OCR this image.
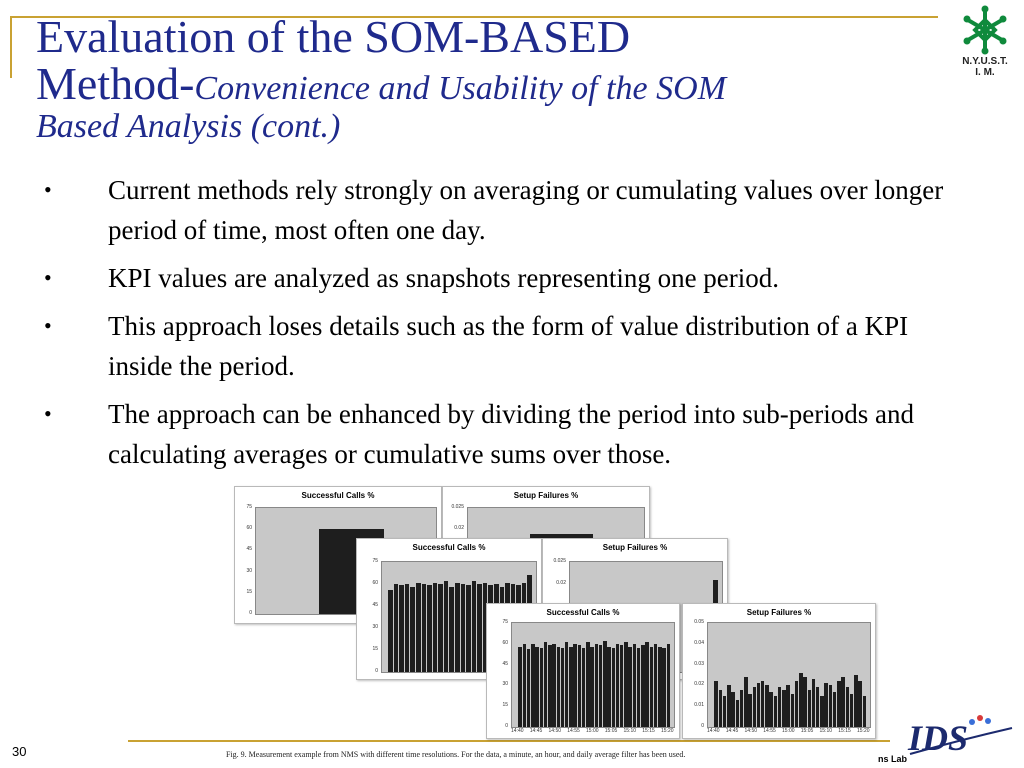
Evaluation of the SOM-BASED
Method-Convenience and Usability of the SOM
Based Analysis (cont.)
N.Y.U.S.T.
I. M.
• Current methods rely strongly on averaging or cumulating values over longer period of time, most often one day.
• KPI values are analyzed as snapshots representing one period.
• This approach loses details such as the form of value distribution of a KPI inside the period.
• The approach can be enhanced by dividing the period into sub-periods and calculating averages or cumulative sums over those.
Successful Calls %
75
60
45
30
15
0
Setup Failures %
0.025
0.02
Successful Calls %
75
60
45
30
15
0
Setup Failures %
0.025
0.02
Successful Calls %
75
60
45
30
15
0
14:40 14:45 14:50 14:55 15:00 15:05 15:10 15:15 15:20
Setup Failures %
0.05
0.04
0.03
0.02
0.01
0
14:40 14:45 14:50 14:55 15:00 15:05 15:10 15:15 15:20
Fig. 9. Measurement example from NMS with different time resolutions. For the data, a minute, an hour, and daily average filter has been used.
30	ns Lab
IDS
